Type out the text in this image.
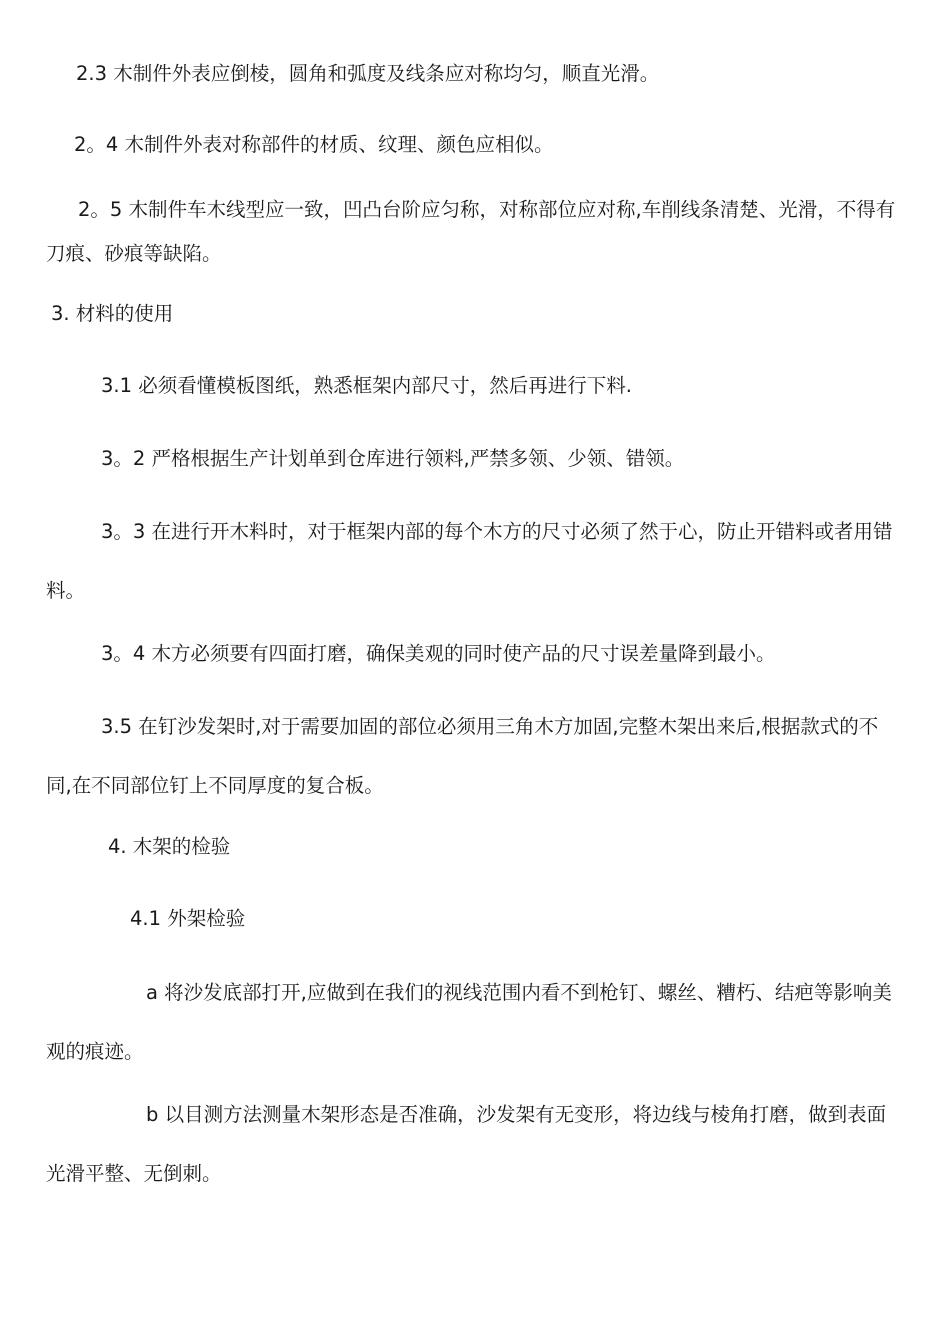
2.3 木制件外表应倒棱，圆角和弧度及线条应对称均匀，顺直光滑。

2。4 木制件外表对称部件的材质、纹理、颜色应相似。

2。5 木制件车木线型应一致，凹凸台阶应匀称，对称部位应对称,车削线条清楚、光滑，不得有刀痕、砂痕等缺陷。

3. 材料的使用

3.1 必须看懂模板图纸，熟悉框架内部尺寸，然后再进行下料.

3。2 严格根据生产计划单到仓库进行领料,严禁多领、少领、错领。

3。3 在进行开木料时，对于框架内部的每个木方的尺寸必须了然于心，防止开错料或者用错料。

3。4 木方必须要有四面打磨，确保美观的同时使产品的尺寸误差量降到最小。

3.5 在钉沙发架时,对于需要加固的部位必须用三角木方加固,完整木架出来后,根据款式的不同,在不同部位钉上不同厚度的复合板。

4. 木架的检验

4.1 外架检验

a 将沙发底部打开,应做到在我们的视线范围内看不到枪钉、螺丝、糟朽、结疤等影响美观的痕迹。

b 以目测方法测量木架形态是否准确，沙发架有无变形，将边线与棱角打磨，做到表面光滑平整、无倒刺。
